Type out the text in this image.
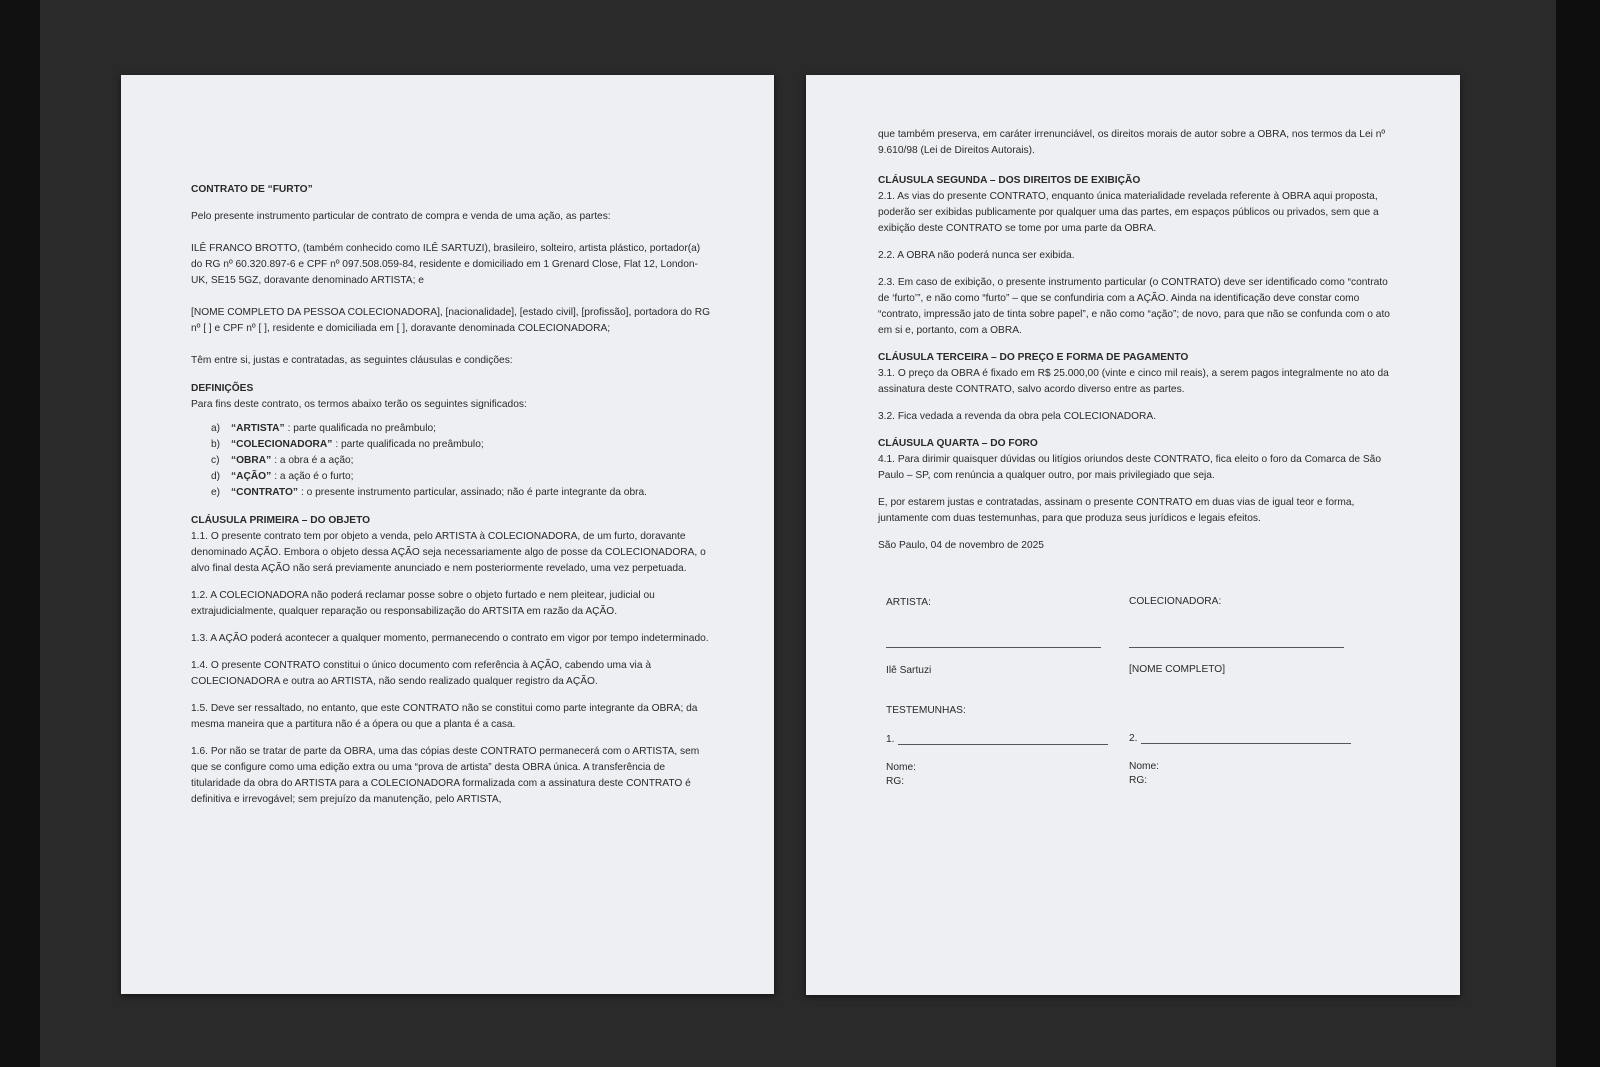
CONTRATO DE “FURTO”

Pelo presente instrumento particular de contrato de compra e venda de uma ação, as partes:

ILÊ FRANCO BROTTO, (também conhecido como ILÊ SARTUZI), brasileiro, solteiro, artista plástico, portador(a) do RG nº 60.320.897-6 e CPF nº 097.508.059-84, residente e domiciliado em 1 Grenard Close, Flat 12, London-UK, SE15 5GZ, doravante denominado ARTISTA; e

[NOME COMPLETO DA PESSOA COLECIONADORA], [nacionalidade], [estado civil], [profissão], portadora do RG nº [ ] e CPF nº [ ], residente e domiciliada em [ ], doravante denominada COLECIONADORA;

Têm entre si, justas e contratadas, as seguintes cláusulas e condições:

DEFINIÇÕES

Para fins deste contrato, os termos abaixo terão os seguintes significados:

a)	“ARTISTA” : parte qualificada no preâmbulo;
b)	“COLECIONADORA” : parte qualificada no preâmbulo;
c)	“OBRA” : a obra é a ação;
d)	“AÇÃO” : a ação é o furto;
e)	“CONTRATO” : o presente instrumento particular, assinado; não é parte integrante da obra.

CLÁUSULA PRIMEIRA – DO OBJETO

1.1. O presente contrato tem por objeto a venda, pelo ARTISTA à COLECIONADORA, de um furto, doravante denominado AÇÃO. Embora o objeto dessa AÇÃO seja necessariamente algo de posse da COLECIONADORA, o alvo final desta AÇÃO não será previamente anunciado e nem posteriormente revelado, uma vez perpetuada.

1.2. A COLECIONADORA não poderá reclamar posse sobre o objeto furtado e nem pleitear, judicial ou extrajudicialmente, qualquer reparação ou responsabilização do ARTSITA em razão da AÇÃO.

1.3. A AÇÃO poderá acontecer a qualquer momento, permanecendo o contrato em vigor por tempo indeterminado.

1.4. O presente CONTRATO constitui o único documento com referência à AÇÃO, cabendo uma via à COLECIONADORA e outra ao ARTISTA, não sendo realizado qualquer registro da AÇÃO.

1.5. Deve ser ressaltado, no entanto, que este CONTRATO não se constitui como parte integrante da OBRA; da mesma maneira que a partitura não é a ópera ou que a planta é a casa.

1.6. Por não se tratar de parte da OBRA, uma das cópias deste CONTRATO permanecerá com o ARTISTA, sem que se configure como uma edição extra ou uma “prova de artista” desta OBRA única. A transferência de titularidade da obra do ARTISTA para a COLECIONADORA formalizada com a assinatura deste CONTRATO é definitiva e irrevogável; sem prejuízo da manutenção, pelo ARTISTA,

que também preserva, em caráter irrenunciável, os direitos morais de autor sobre a OBRA, nos termos da Lei nº 9.610/98 (Lei de Direitos Autorais).

CLÁUSULA SEGUNDA – DOS DIREITOS DE EXIBIÇÃO

2.1. As vias do presente CONTRATO, enquanto única materialidade revelada referente à OBRA aqui proposta, poderão ser exibidas publicamente por qualquer uma das partes, em espaços públicos ou privados, sem que a exibição deste CONTRATO se tome por uma parte da OBRA.

2.2. A OBRA não poderá nunca ser exibida.

2.3. Em caso de exibição, o presente instrumento particular (o CONTRATO) deve ser identificado como “contrato de ‘furto’”, e não como “furto” – que se confundiria com a AÇÃO. Ainda na identificação deve constar como “contrato, impressão jato de tinta sobre papel”, e não como “ação”; de novo, para que não se confunda com o ato em si e, portanto, com a OBRA.

CLÁUSULA TERCEIRA – DO PREÇO E FORMA DE PAGAMENTO

3.1. O preço da OBRA é fixado em R$ 25.000,00 (vinte e cinco mil reais), a serem pagos integralmente no ato da assinatura deste CONTRATO, salvo acordo diverso entre as partes.

3.2. Fica vedada a revenda da obra pela COLECIONADORA.

CLÁUSULA QUARTA – DO FORO

4.1. Para dirimir quaisquer dúvidas ou litígios oriundos deste CONTRATO, fica eleito o foro da Comarca de São Paulo – SP, com renúncia a qualquer outro, por mais privilegiado que seja.

E, por estarem justas e contratadas, assinam o presente CONTRATO em duas vias de igual teor e forma, juntamente com duas testemunhas, para que produza seus jurídicos e legais efeitos.

São Paulo, 04 de novembro de 2025

ARTISTA:	COLECIONADORA:
Ilê Sartuzi	[NOME COMPLETO]
TESTEMUNHAS:
1.	2.
Nome:
RG:
Nome:
RG:
